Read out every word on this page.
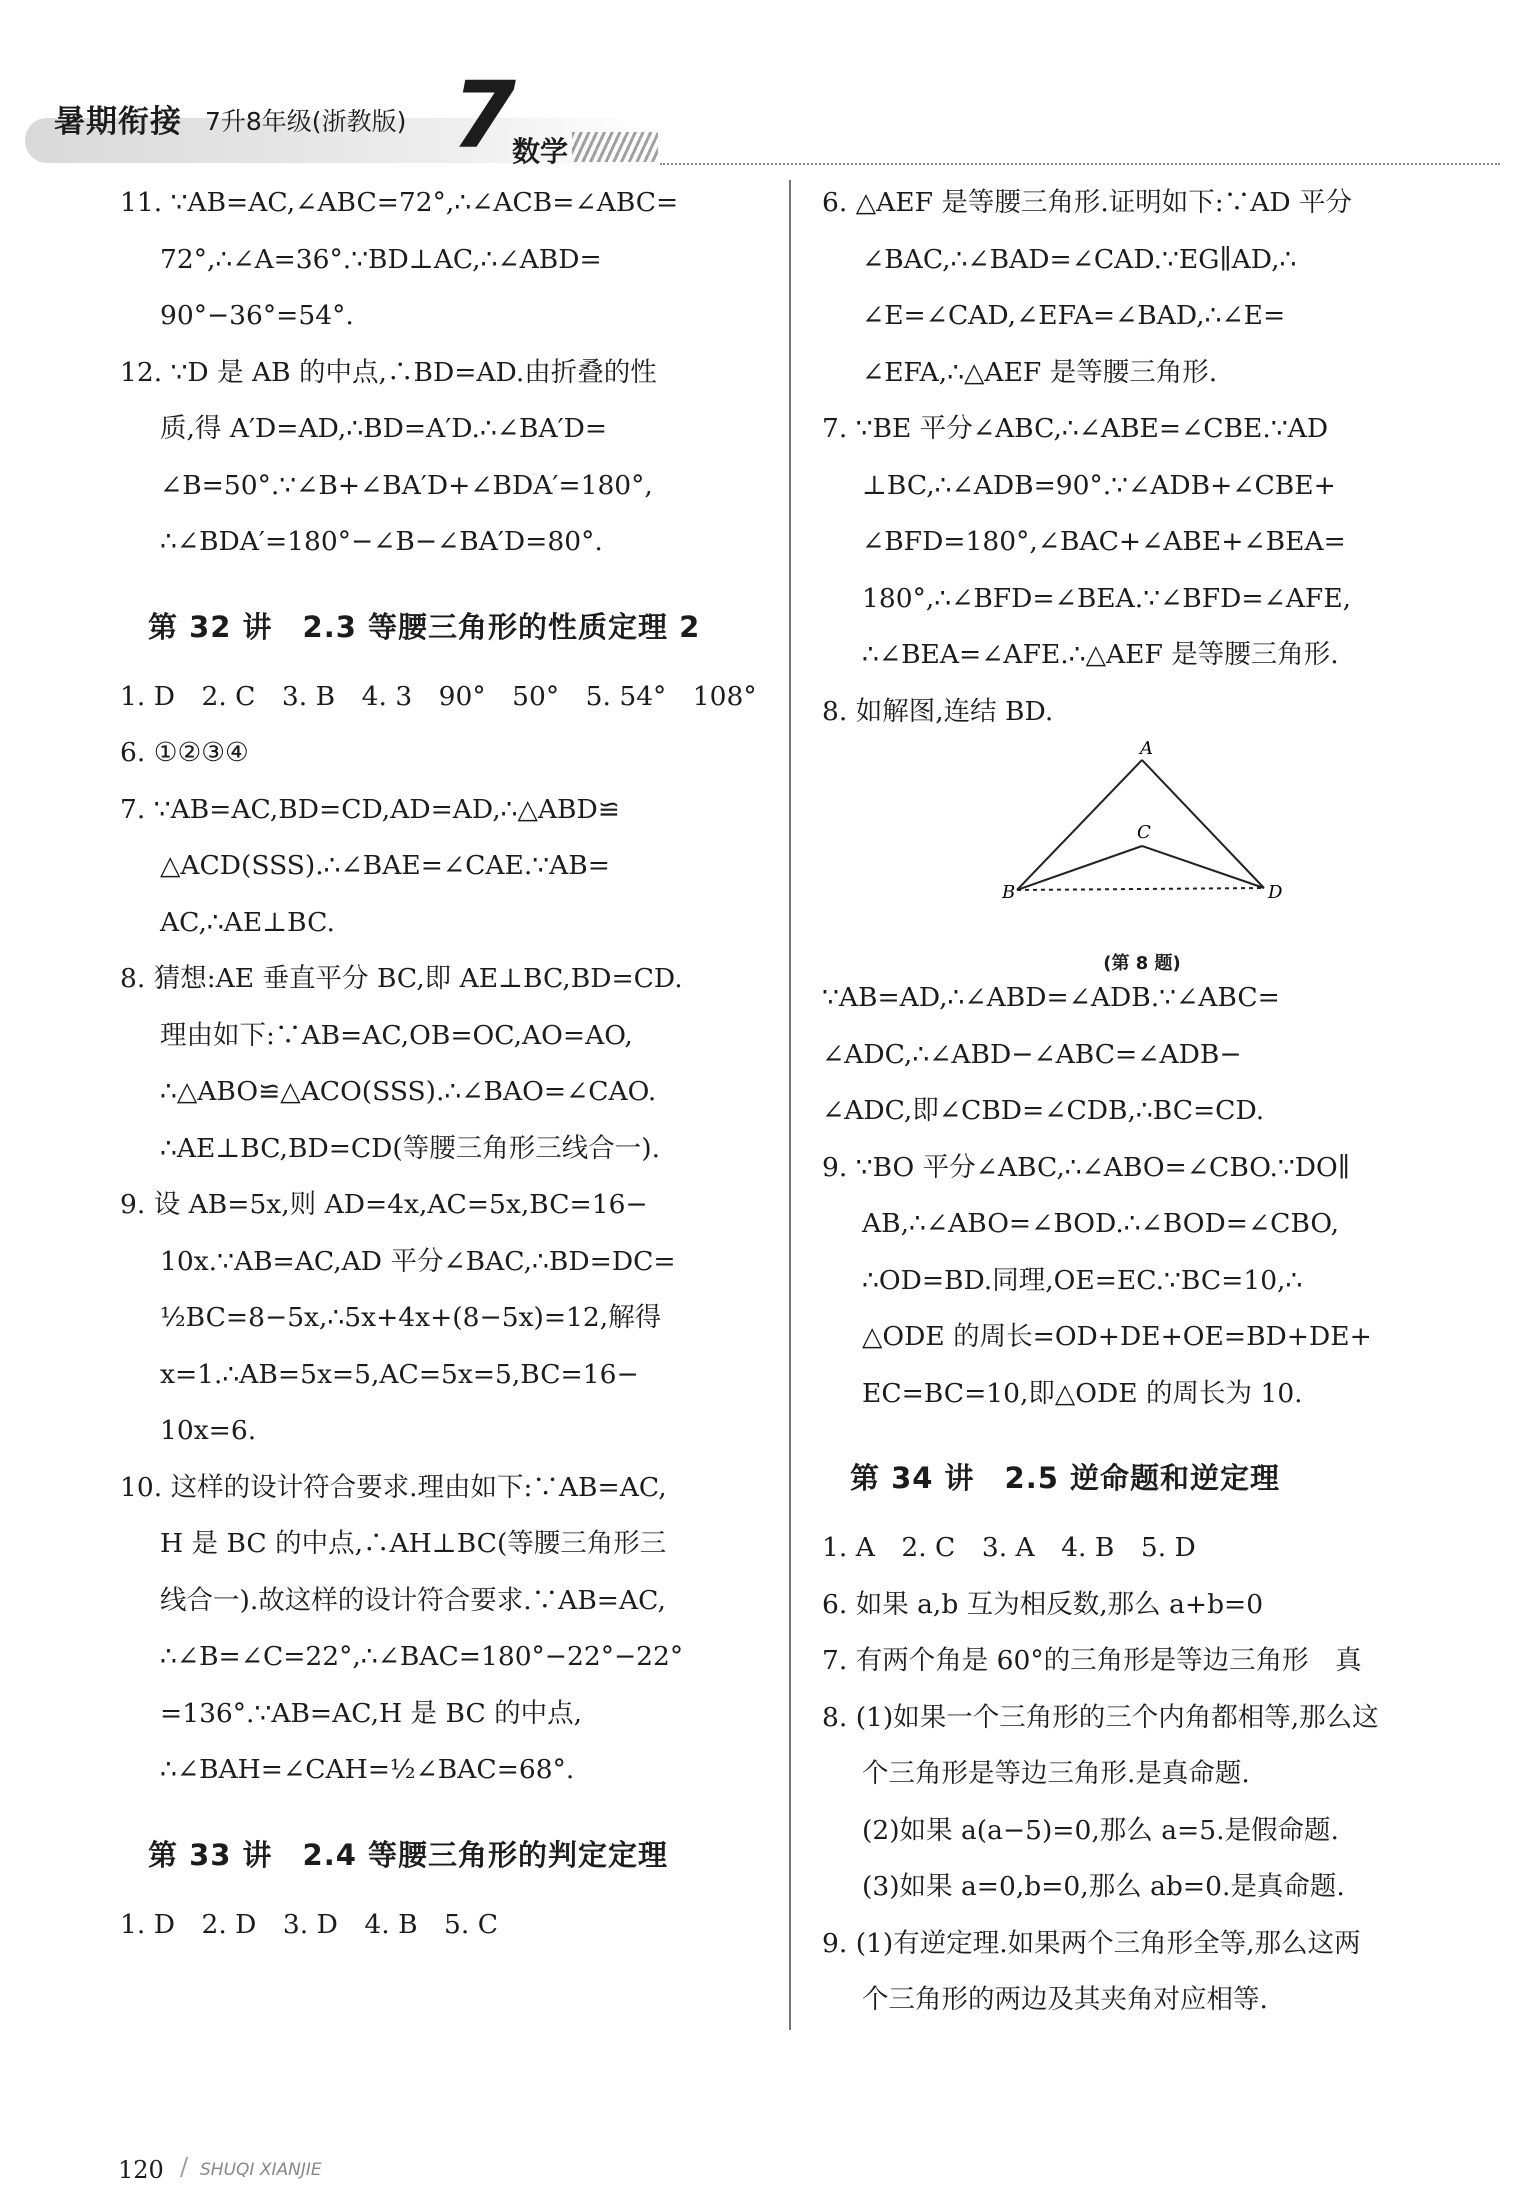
暑期衔接 7升8年级(浙教版) 7
数学

11. ∵AB=AC,∠ABC=72°,∴∠ACB=∠ABC=
72°,∴∠A=36°.∵BD⊥AC,∴∠ABD=
90°−36°=54°.

12. ∵D 是 AB 的中点,∴BD=AD.由折叠的性
质,得 A′D=AD,∴BD=A′D.∴∠BA′D=
∠B=50°.∵∠B+∠BA′D+∠BDA′=180°,
∴∠BDA′=180°−∠B−∠BA′D=80°.

第 32 讲　2.3 等腰三角形的性质定理 2

1. D　2. C　3. B　4. 3　90°　50°　5. 54°　108°

6. ①②③④

7. ∵AB=AC,BD=CD,AD=AD,∴△ABD≌
△ACD(SSS).∴∠BAE=∠CAE.∵AB=
AC,∴AE⊥BC.

8. 猜想:AE 垂直平分 BC,即 AE⊥BC,BD=CD.
理由如下:∵AB=AC,OB=OC,AO=AO,
∴△ABO≌△ACO(SSS).∴∠BAO=∠CAO.
∴AE⊥BC,BD=CD(等腰三角形三线合一).

9. 设 AB=5x,则 AD=4x,AC=5x,BC=16−
10x.∵AB=AC,AD 平分∠BAC,∴BD=DC=
½BC=8−5x,∴5x+4x+(8−5x)=12,解得
x=1.∴AB=5x=5,AC=5x=5,BC=16−
10x=6.

10. 这样的设计符合要求.理由如下:∵AB=AC,
H 是 BC 的中点,∴AH⊥BC(等腰三角形三
线合一).故这样的设计符合要求.∵AB=AC,
∴∠B=∠C=22°,∴∠BAC=180°−22°−22°
=136°.∵AB=AC,H 是 BC 的中点,
∴∠BAH=∠CAH=½∠BAC=68°.

第 33 讲　2.4 等腰三角形的判定定理

1. D　2. D　3. D　4. B　5. C

6. △AEF 是等腰三角形.证明如下:∵AD 平分
∠BAC,∴∠BAD=∠CAD.∵EG∥AD,∴
∠E=∠CAD,∠EFA=∠BAD,∴∠E=
∠EFA,∴△AEF 是等腰三角形.

7. ∵BE 平分∠ABC,∴∠ABE=∠CBE.∵AD
⊥BC,∴∠ADB=90°.∵∠ADB+∠CBE+
∠BFD=180°,∠BAC+∠ABE+∠BEA=
180°,∴∠BFD=∠BEA.∵∠BFD=∠AFE,
∴∠BEA=∠AFE.∴△AEF 是等腰三角形.

8. 如解图,连结 BD.

A
B
C
D
(第 8 题)

∵AB=AD,∴∠ABD=∠ADB.∵∠ABC=
∠ADC,∴∠ABD−∠ABC=∠ADB−
∠ADC,即∠CBD=∠CDB,∴BC=CD.

9. ∵BO 平分∠ABC,∴∠ABO=∠CBO.∵DO∥
AB,∴∠ABO=∠BOD.∴∠BOD=∠CBO,
∴OD=BD.同理,OE=EC.∵BC=10,∴
△ODE 的周长=OD+DE+OE=BD+DE+
EC=BC=10,即△ODE 的周长为 10.

第 34 讲　2.5 逆命题和逆定理

1. A　2. C　3. A　4. B　5. D

6. 如果 a,b 互为相反数,那么 a+b=0

7. 有两个角是 60°的三角形是等边三角形　真

8. (1)如果一个三角形的三个内角都相等,那么这
个三角形是等边三角形.是真命题.

(2)如果 a(a−5)=0,那么 a=5.是假命题.

(3)如果 a=0,b=0,那么 ab=0.是真命题.

9. (1)有逆定理.如果两个三角形全等,那么这两
个三角形的两边及其夹角对应相等.

120 / SHUQI XIANJIE
